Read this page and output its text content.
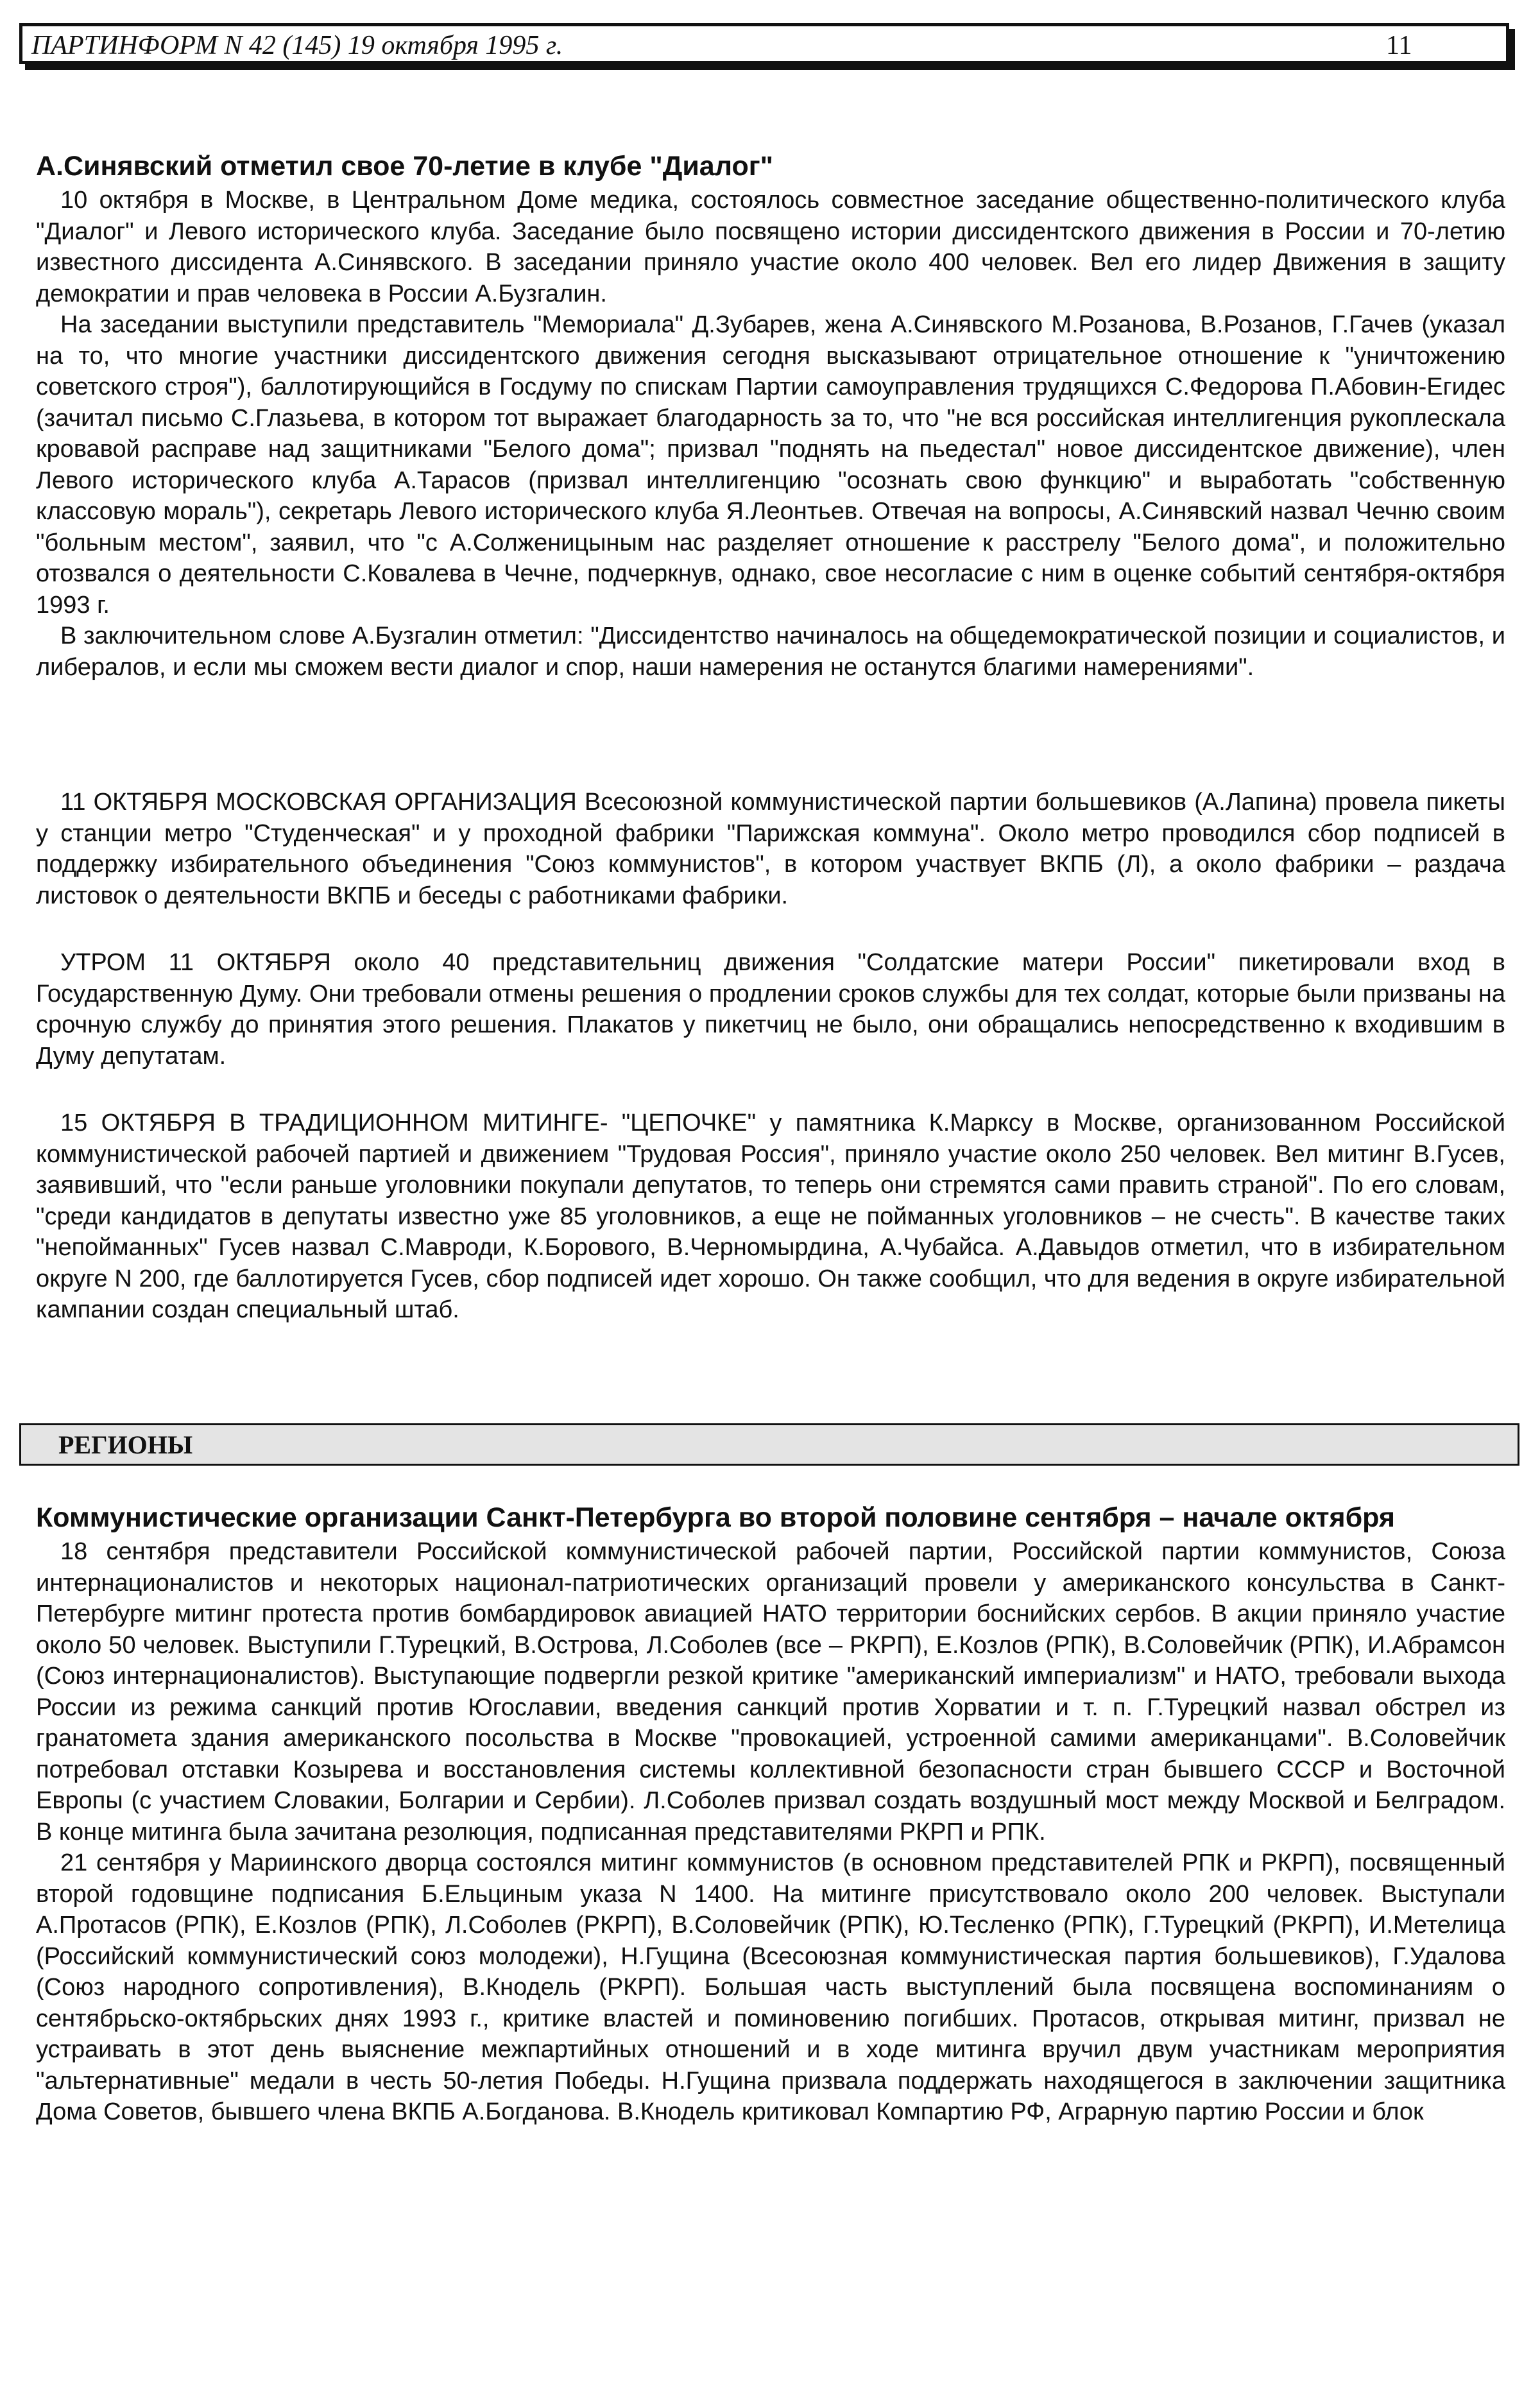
ПАРТИНФОРМ N 42 (145) 19 октября 1995 г.	11
А.Синявский отметил свое 70-летие в клубе "Диалог"

10 октября в Москве, в Центральном Доме медика, состоялось совместное заседание общественно-политического клуба "Диалог" и Левого исторического клуба. Заседание было посвящено истории диссидентского движения в России и 70-летию известного диссидента А.Синявского. В заседании приняло участие около 400 человек. Вел его лидер Движения в защиту демократии и прав человека в России А.Бузгалин.

На заседании выступили представитель "Мемориала" Д.Зубарев, жена А.Синявского М.Розанова, В.Розанов, Г.Гачев (указал на то, что многие участники диссидентского движения сегодня высказывают отрицательное отношение к "уничтожению советского строя"), баллотирующийся в Госдуму по спискам Партии самоуправления трудящихся С.Федорова П.Абовин-Егидес (зачитал письмо С.Глазьева, в котором тот выражает благодарность за то, что "не вся российская интеллигенция рукоплескала кровавой расправе над защитниками "Белого дома"; призвал "поднять на пьедестал" новое диссидентское движение), член Левого исторического клуба А.Тарасов (призвал интеллигенцию "осознать свою функцию" и выработать "собственную классовую мораль"), секретарь Левого исторического клуба Я.Леонтьев. Отвечая на вопросы, А.Синявский назвал Чечню своим "больным местом", заявил, что "с А.Солженицыным нас разделяет отношение к расстрелу "Белого дома", и положительно отозвался о деятельности С.Ковалева в Чечне, подчеркнув, однако, свое несогласие с ним в оценке событий сентября-октября 1993 г.

В заключительном слове А.Бузгалин отметил: "Диссидентство начиналось на общедемократической позиции и социалистов, и либералов, и если мы сможем вести диалог и спор, наши намерения не останутся благими намерениями".

11 ОКТЯБРЯ МОСКОВСКАЯ ОРГАНИЗАЦИЯ Всесоюзной коммунистической партии большевиков (А.Лапина) провела пикеты у станции метро "Студенческая" и у проходной фабрики "Парижская коммуна". Около метро проводился сбор подписей в поддержку избирательного объединения "Союз коммунистов", в котором участвует ВКПБ (Л), а около фабрики – раздача листовок о деятельности ВКПБ и беседы с работниками фабрики.

УТРОМ 11 ОКТЯБРЯ около 40 представительниц движения "Солдатские матери России" пикетировали вход в Государственную Думу. Они требовали отмены решения о продлении сроков службы для тех солдат, которые были призваны на срочную службу до принятия этого решения. Плакатов у пикетчиц не было, они обращались непосредственно к входившим в Думу депутатам.

15 ОКТЯБРЯ В ТРАДИЦИОННОМ МИТИНГЕ- "ЦЕПОЧКЕ" у памятника К.Марксу в Москве, организованном Российской коммунистической рабочей партией и движением "Трудовая Россия", приняло участие около 250 человек. Вел митинг В.Гусев, заявивший, что "если раньше уголовники покупали депутатов, то теперь они стремятся сами править страной". По его словам, "среди кандидатов в депутаты известно уже 85 уголовников, а еще не пойманных уголовников – не счесть". В качестве таких "непойманных" Гусев назвал С.Мавроди, К.Борового, В.Черномырдина, А.Чубайса. А.Давыдов отметил, что в избирательном округе N 200, где баллотируется Гусев, сбор подписей идет хорошо. Он также сообщил, что для ведения в округе избирательной кампании создан специальный штаб.

РЕГИОНЫ
Коммунистические организации Санкт-Петербурга во второй половине сентября – начале октября

18 сентября представители Российской коммунистической рабочей партии, Российской партии коммунистов, Союза интернационалистов и некоторых национал-патриотических организаций провели у американского консульства в Санкт-Петербурге митинг протеста против бомбардировок авиацией НАТО территории боснийских сербов. В акции приняло участие около 50 человек. Выступили Г.Турецкий, В.Острова, Л.Соболев (все – РКРП), Е.Козлов (РПК), В.Соловейчик (РПК), И.Абрамсон (Союз интернационалистов). Выступающие подвергли резкой критике "американский империализм" и НАТО, требовали выхода России из режима санкций против Югославии, введения санкций против Хорватии и т. п. Г.Турецкий назвал обстрел из гранатомета здания американского посольства в Москве "провокацией, устроенной самими американцами". В.Соловейчик потребовал отставки Козырева и восстановления системы коллективной безопасности стран бывшего СССР и Восточной Европы (с участием Словакии, Болгарии и Сербии). Л.Соболев призвал создать воздушный мост между Москвой и Белградом. В конце митинга была зачитана резолюция, подписанная представителями РКРП и РПК.

21 сентября у Мариинского дворца состоялся митинг коммунистов (в основном представителей РПК и РКРП), посвященный второй годовщине подписания Б.Ельциным указа N 1400. На митинге присутствовало около 200 человек. Выступали А.Протасов (РПК), Е.Козлов (РПК), Л.Соболев (РКРП), В.Соловейчик (РПК), Ю.Тесленко (РПК), Г.Турецкий (РКРП), И.Метелица (Российский коммунистический союз молодежи), Н.Гущина (Всесоюзная коммунистическая партия большевиков), Г.Удалова (Союз народного сопротивления), В.Кнодель (РКРП). Большая часть выступлений была посвящена воспоминаниям о сентябрьско-октябрьских днях 1993 г., критике властей и поминовению погибших. Протасов, открывая митинг, призвал не устраивать в этот день выяснение межпартийных отношений и в ходе митинга вручил двум участникам мероприятия "альтернативные" медали в честь 50-летия Победы. Н.Гущина призвала поддержать находящегося в заключении защитника Дома Советов, бывшего члена ВКПБ А.Богданова. В.Кнодель критиковал Компартию РФ, Аграрную партию России и блок
